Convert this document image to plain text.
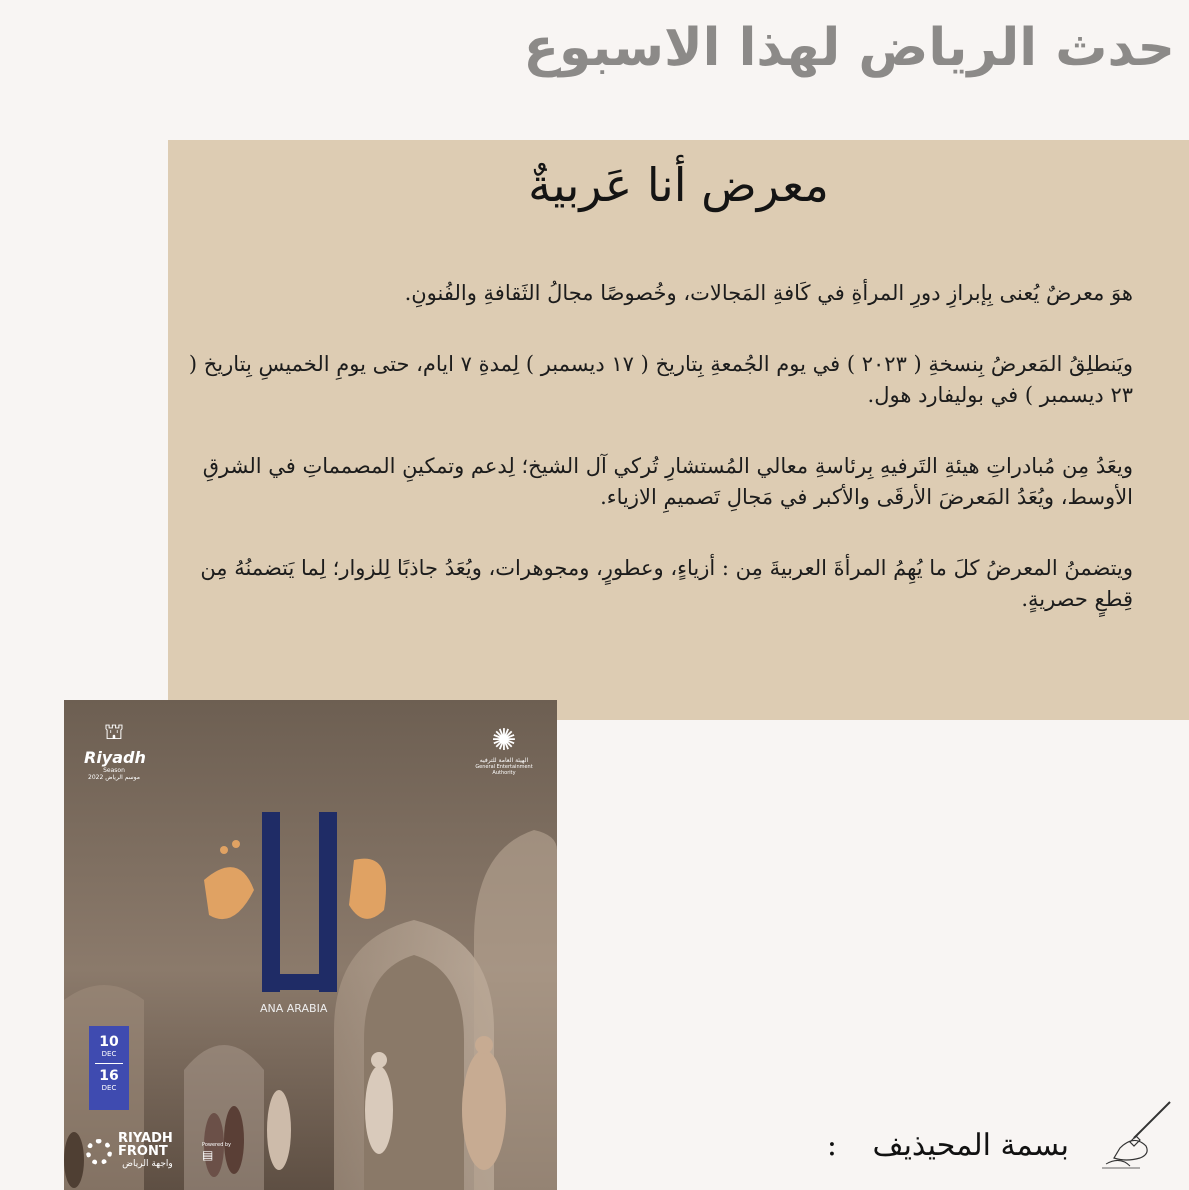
حدث الرياض لهذا الاسبوع
معرض أنا عَربيةٌ

هوَ معرضٌ يُعنى بِإبرازِ دورِ المرأةِ في كَافةِ المَجالات، وخُصوصًا مجالُ الثَقافةِ والفُنونِ.

ويَنطلِقُ المَعرضُ بِنسخةِ ( ٢٠٢٣ ) في يوم الجُمعةِ بِتاريخ ( ١٧ ديسمبر ) لِمدةِ ٧ ايام، حتى يومِ الخميسِ بِتاريخ ( ٢٣ ديسمبر ) في بوليفارد هول.

ويعَدُ مِن مُبادراتِ هيئةِ التَرفيهِ بِرئاسةِ معالي المُستشارِ تُركي آل الشيخ؛ لِدعم وتمكينِ المصمماتِ في الشرقِ الأوسط، ويُعَدُ المَعرضَ الأرقَى والأكبر في مَجالِ تَصميمِ الازياء.

ويتضمنُ المعرضُ كلَ ما يُهِمُ المرأةَ العربيةَ مِن : أزياءٍ، وعطورٍ، ومجوهرات، ويُعَدُ جاذبًا لِلزوار؛ لِما يَتضمنُهُ مِن قِطعٍ حصريةٍ.

⛫
Riyadh
Season
موسم الرياض 2022
✺
الهيئة العامة للترفيه
General Entertainment Authority
ANA ARABIA
10
DEC
16
DEC
RIYADH
FRONT
واجهة الرياض
Powered by
▤	بسمة المحيذيف :
